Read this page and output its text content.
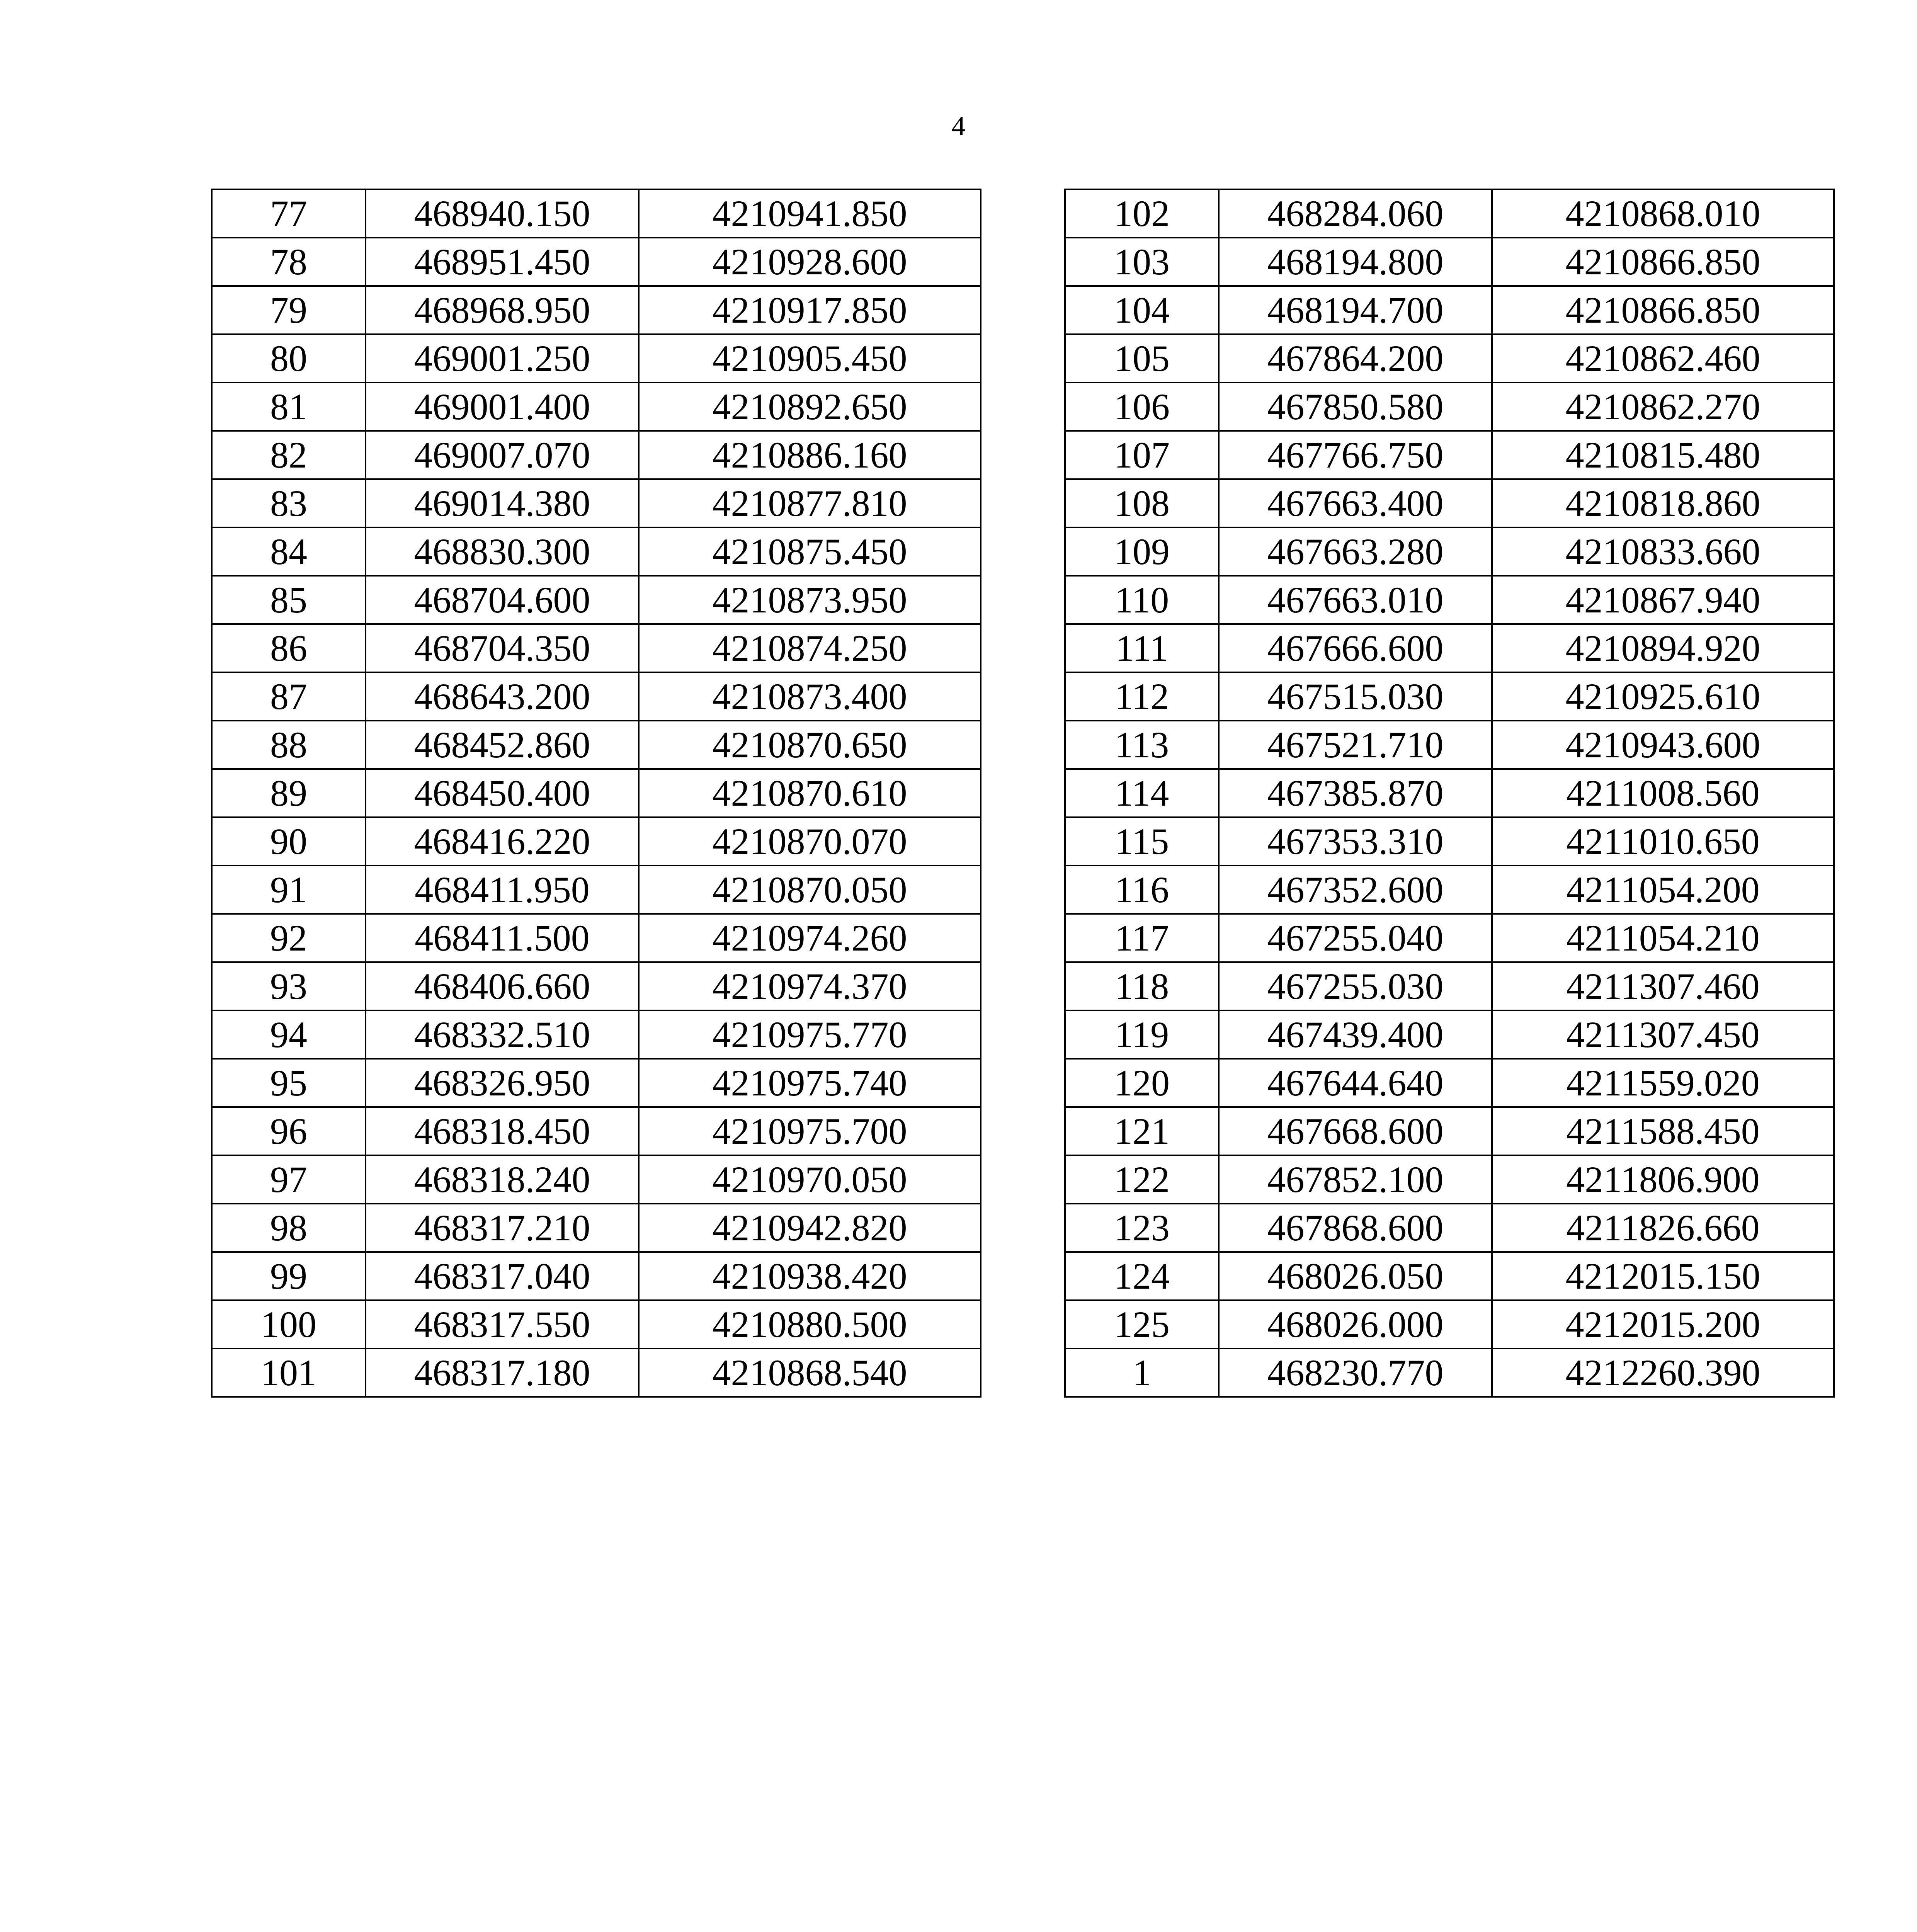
4
77	468940.150	4210941.850
78	468951.450	4210928.600
79	468968.950	4210917.850
80	469001.250	4210905.450
81	469001.400	4210892.650
82	469007.070	4210886.160
83	469014.380	4210877.810
84	468830.300	4210875.450
85	468704.600	4210873.950
86	468704.350	4210874.250
87	468643.200	4210873.400
88	468452.860	4210870.650
89	468450.400	4210870.610
90	468416.220	4210870.070
91	468411.950	4210870.050
92	468411.500	4210974.260
93	468406.660	4210974.370
94	468332.510	4210975.770
95	468326.950	4210975.740
96	468318.450	4210975.700
97	468318.240	4210970.050
98	468317.210	4210942.820
99	468317.040	4210938.420
100	468317.550	4210880.500
101	468317.180	4210868.540
102	468284.060	4210868.010
103	468194.800	4210866.850
104	468194.700	4210866.850
105	467864.200	4210862.460
106	467850.580	4210862.270
107	467766.750	4210815.480
108	467663.400	4210818.860
109	467663.280	4210833.660
110	467663.010	4210867.940
111	467666.600	4210894.920
112	467515.030	4210925.610
113	467521.710	4210943.600
114	467385.870	4211008.560
115	467353.310	4211010.650
116	467352.600	4211054.200
117	467255.040	4211054.210
118	467255.030	4211307.460
119	467439.400	4211307.450
120	467644.640	4211559.020
121	467668.600	4211588.450
122	467852.100	4211806.900
123	467868.600	4211826.660
124	468026.050	4212015.150
125	468026.000	4212015.200
1	468230.770	4212260.390
